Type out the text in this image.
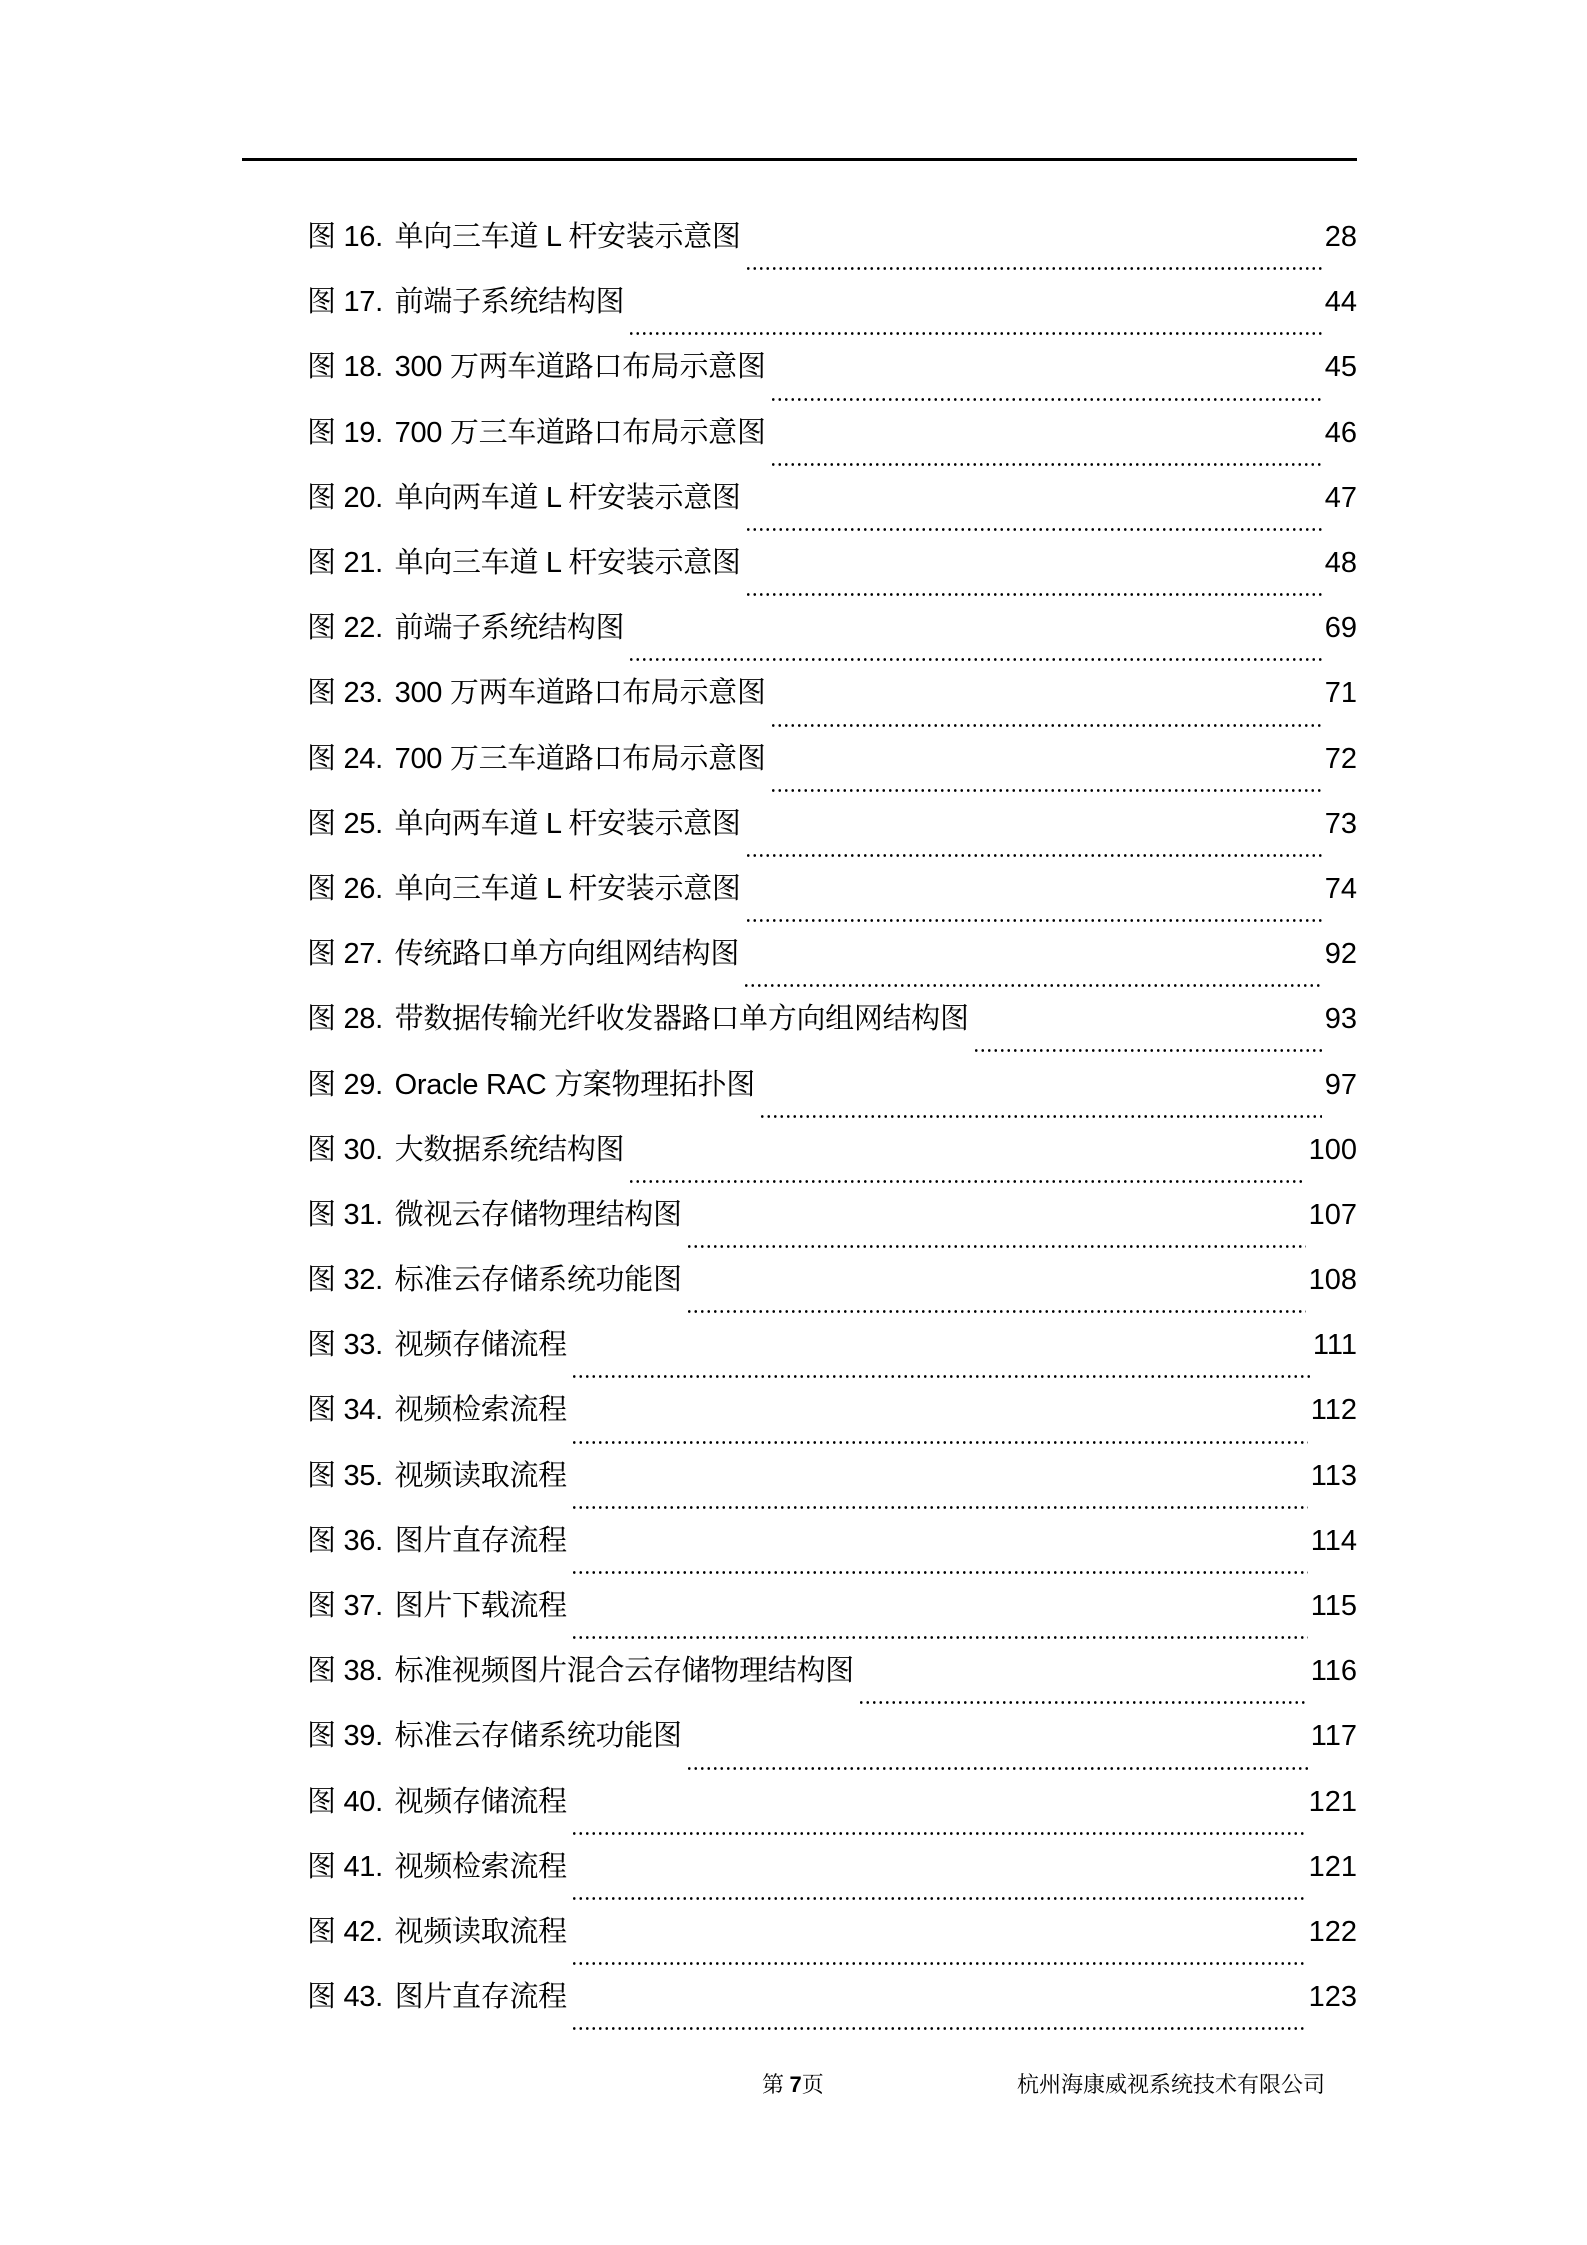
图 16. 单向三车道 L 杆安装示意图	28
图 17. 前端子系统结构图	44
图 18. 300 万两车道路口布局示意图	45
图 19. 700 万三车道路口布局示意图	46
图 20. 单向两车道 L 杆安装示意图	47
图 21. 单向三车道 L 杆安装示意图	48
图 22. 前端子系统结构图	69
图 23. 300 万两车道路口布局示意图	71
图 24. 700 万三车道路口布局示意图	72
图 25. 单向两车道 L 杆安装示意图	73
图 26. 单向三车道 L 杆安装示意图	74
图 27. 传统路口单方向组网结构图	92
图 28. 带数据传输光纤收发器路口单方向组网结构图	93
图 29. Oracle RAC 方案物理拓扑图	97
图 30. 大数据系统结构图	100
图 31. 微视云存储物理结构图	107
图 32. 标准云存储系统功能图	108
图 33. 视频存储流程	111
图 34. 视频检索流程	112
图 35. 视频读取流程	113
图 36. 图片直存流程	114
图 37. 图片下载流程	115
图 38. 标准视频图片混合云存储物理结构图	116
图 39. 标准云存储系统功能图	117
图 40. 视频存储流程	121
图 41. 视频检索流程	121
图 42. 视频读取流程	122
图 43. 图片直存流程	123
第 7页	杭州海康威视系统技术有限公司
